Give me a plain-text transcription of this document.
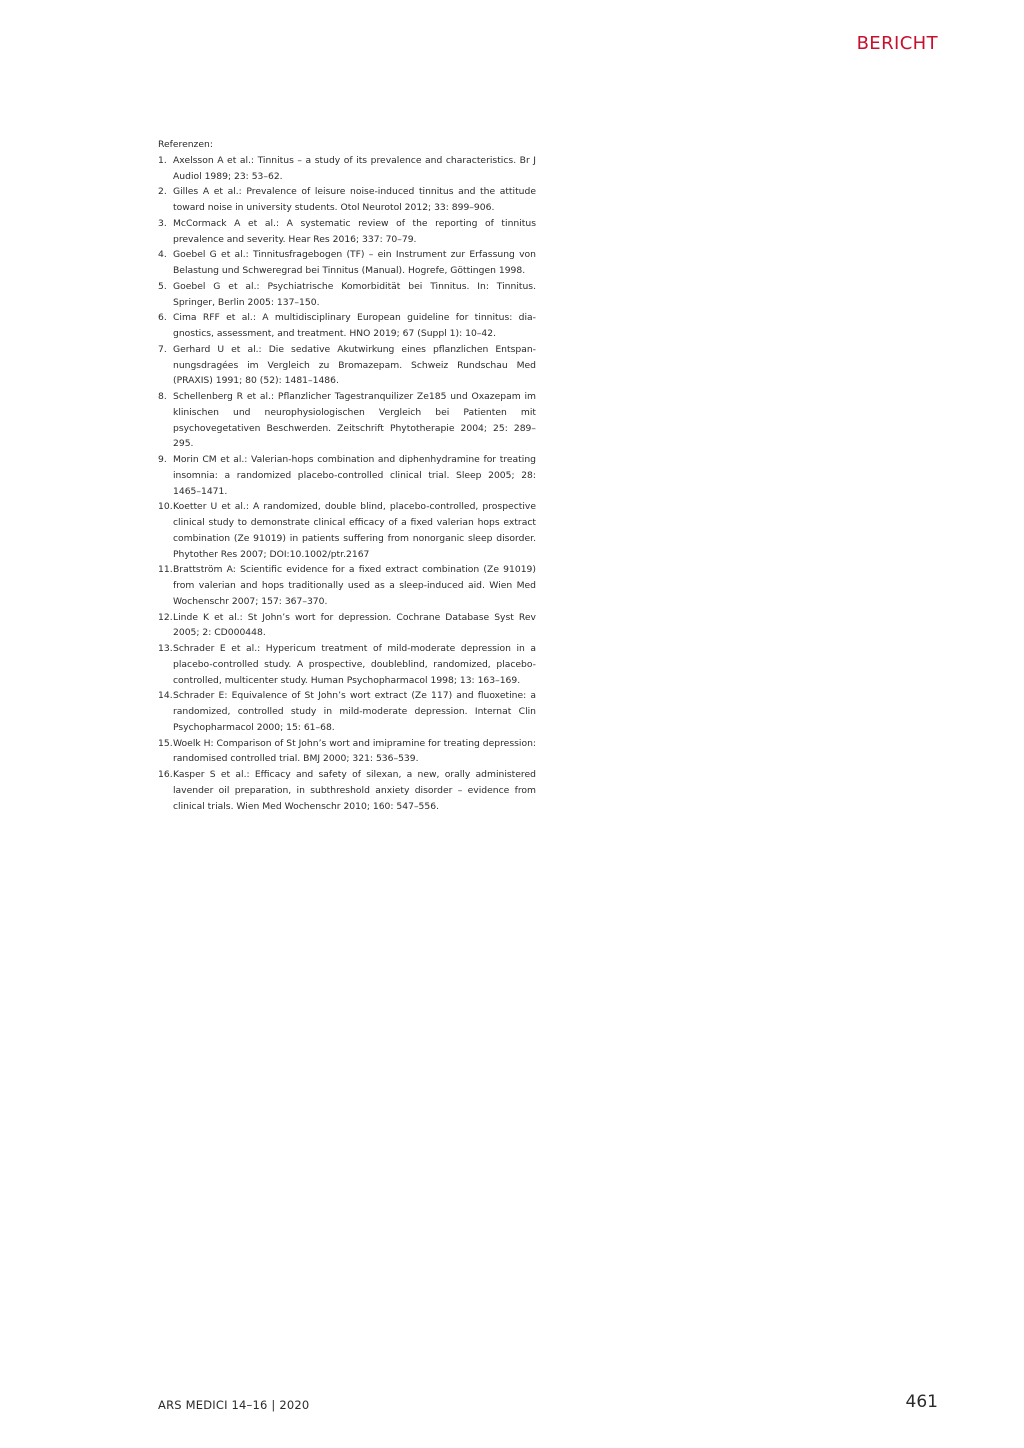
BERICHT

Referenzen:

1. Axelsson A et al.: Tinnitus – a study of its prevalence and characteristics. Br J Audiol 1989; 23: 53–62.
2. Gilles A et al.: Prevalence of leisure noise-induced tinnitus and the attitude toward noise in university students. Otol Neurotol 2012; 33: 899–906.
3. McCormack A et al.: A systematic review of the reporting of tinnitus prevalence and severity. Hear Res 2016; 337: 70–79.
4. Goebel G et al.: Tinnitusfragebogen (TF) – ein Instrument zur Erfassung von Belastung und Schweregrad bei Tinnitus (Manual). Hogrefe, Göttingen 1998.
5. Goebel G et al.: Psychiatrische Komorbidität bei Tinnitus. In: Tinnitus. Springer, Berlin 2005: 137–150.
6. Cima RFF et al.: A multidisciplinary European guideline for tinnitus: diagnostics, assessment, and treatment. HNO 2019; 67 (Suppl 1): 10–42.
7. Gerhard U et al.: Die sedative Akutwirkung eines pflanzlichen Entspannungsdragées im Vergleich zu Bromazepam. Schweiz Rundschau Med (PRAXIS) 1991; 80 (52): 1481–1486.
8. Schellenberg R et al.: Pflanzlicher Tagestranquilizer Ze185 und Oxazepam im klinischen und neurophysiologischen Vergleich bei Patienten mit psychovegetativen Beschwerden. Zeitschrift Phytotherapie 2004; 25: 289–295.
9. Morin CM et al.: Valerian-hops combination and diphenhydramine for treating insomnia: a randomized placebo-controlled clinical trial. Sleep 2005; 28: 1465–1471.
10. Koetter U et al.: A randomized, double blind, placebo-controlled, prospective clinical study to demonstrate clinical efficacy of a fixed valerian hops extract combination (Ze 91019) in patients suffering from nonorganic sleep disorder. Phytother Res 2007; DOI:10.1002/ptr.2167
11. Brattström A: Scientific evidence for a fixed extract combination (Ze 91019) from valerian and hops traditionally used as a sleep-induced aid. Wien Med Wochenschr 2007; 157: 367–370.
12. Linde K et al.: St John’s wort for depression. Cochrane Database Syst Rev 2005; 2: CD000448.
13. Schrader E et al.: Hypericum treatment of mild-moderate depression in a placebo-controlled study. A prospective, doubleblind, randomized, placebo-controlled, multicenter study. Human Psychopharmacol 1998; 13: 163–169.
14. Schrader E: Equivalence of St John’s wort extract (Ze 117) and fluoxetine: a randomized, controlled study in mild-moderate depression. Internat Clin Psychopharmacol 2000; 15: 61–68.
15. Woelk H: Comparison of St John’s wort and imipramine for treating depression: randomised controlled trial. BMJ 2000; 321: 536–539.
16. Kasper S et al.: Efficacy and safety of silexan, a new, orally administered lavender oil preparation, in subthreshold anxiety disorder – evidence from clinical trials. Wien Med Wochenschr 2010; 160: 547–556.
ARS MEDICI 14–16 | 2020	461
